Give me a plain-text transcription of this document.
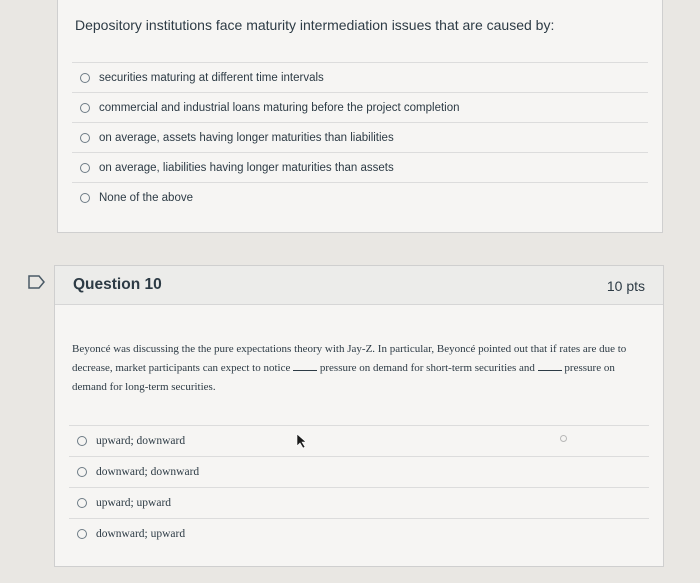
Depository institutions face maturity intermediation issues that are caused by:
securities maturing at different time intervals
commercial and industrial loans maturing before the project completion
on average, assets having longer maturities than liabilities
on average, liabilities having longer maturities than assets
None of the above
Question 10	10 pts
Beyoncé was discussing the the pure expectations theory with Jay-Z. In particular, Beyoncé pointed out that if rates are due to decrease, market participants can expect to notice  pressure on demand for short-term securities and  pressure on demand for long-term securities.
upward; downward
downward; downward
upward; upward
downward; upward
